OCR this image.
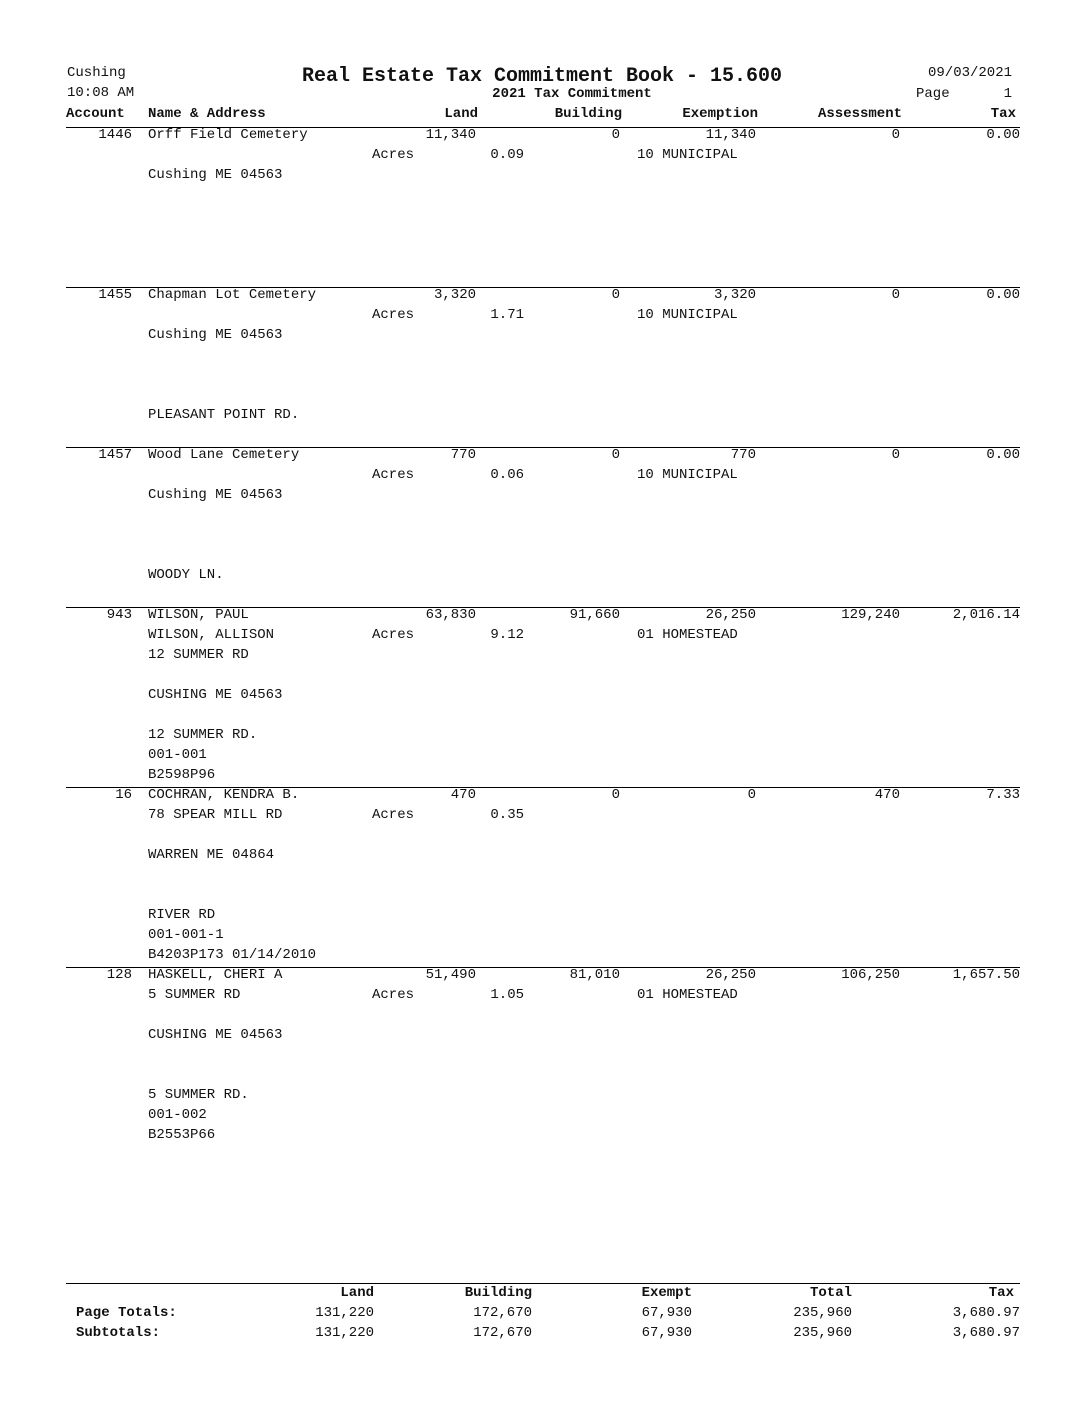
Cushing
10:08 AM
Real Estate Tax Commitment Book - 15.600
2021 Tax Commitment
09/03/2021
Page	1
Account Name & Address	Land	Building	Exemption	Assessment	Tax
1446 Orff Field Cemetery	11,340	0	11,340	0	0.00
Acres	0.09	10 MUNICIPAL
Cushing ME 04563
1455 Chapman Lot Cemetery	3,320	0	3,320	0	0.00
Acres	1.71	10 MUNICIPAL
Cushing ME 04563
PLEASANT POINT RD.
1457 Wood Lane Cemetery	770	0	770	0	0.00
Acres	0.06	10 MUNICIPAL
Cushing ME 04563
WOODY LN.
943 WILSON, PAUL	63,830	91,660	26,250	129,240	2,016.14
Acres	9.12	01 HOMESTEAD
WILSON, ALLISON
12 SUMMER RD
CUSHING ME 04563
12 SUMMER RD.
001-001
B2598P96
16 COCHRAN, KENDRA B.	470	0	0	470	7.33
Acres	0.35
78 SPEAR MILL RD
WARREN ME 04864
RIVER RD
001-001-1
B4203P173 01/14/2010
128 HASKELL, CHERI A	51,490	81,010	26,250	106,250	1,657.50
Acres	1.05	01 HOMESTEAD
5 SUMMER RD
CUSHING ME 04563
5 SUMMER RD.
001-002
B2553P66
Land	Building	Exempt	Total	Tax
Page Totals:	131,220	172,670	67,930	235,960	3,680.97
Subtotals:	131,220	172,670	67,930	235,960	3,680.97
